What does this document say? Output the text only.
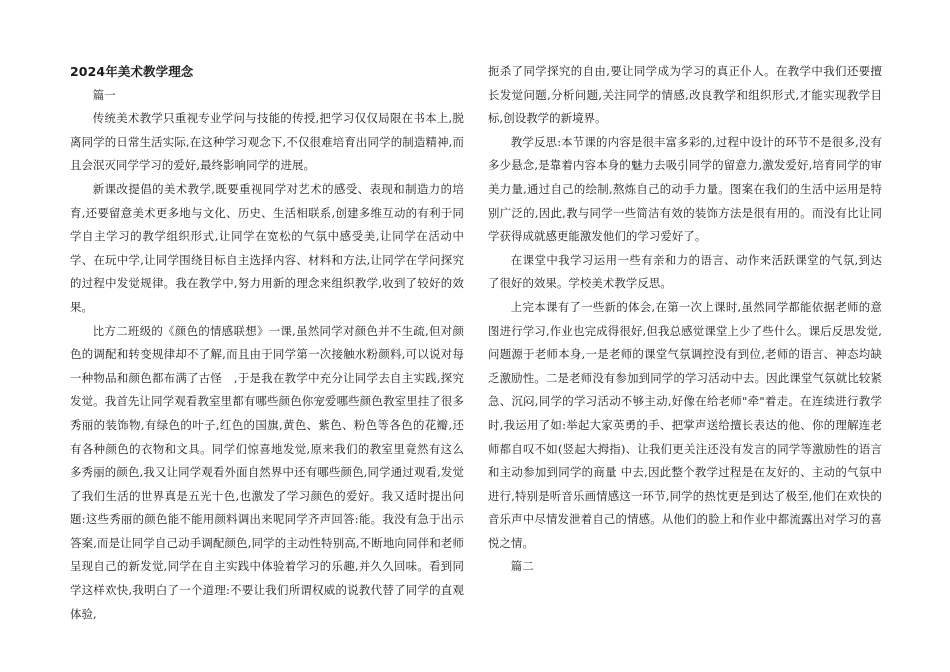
2024年美术教学理念

篇一

传统美术教学只重视专业学问与技能的传授,把学习仅仅局限在书本上,脱离同学的日常生活实际,在这种学习观念下,不仅很难培育出同学的制造精神,而且会泯灭同学学习的爱好,最终影响同学的进展。

新课改提倡的美术教学,既要重视同学对艺术的感受、表现和制造力的培育,还要留意美术更多地与文化、历史、生活相联系,创建多维互动的有利于同学自主学习的教学组织形式,让同学在宽松的气氛中感受美,让同学在活动中学、在玩中学,让同学围绕目标自主选择内容、材料和方法,让同学在学问探究的过程中发觉规律。我在教学中,努力用新的理念来组织教学,收到了较好的效果。

比方二班级的《颜色的情感联想》一课,虽然同学对颜色并不生疏,但对颜色的调配和转变规律却不了解,而且由于同学第一次接触水粉颜料,可以说对每一种物品和颜色都布满了古怪　,于是我在教学中充分让同学去自主实践,探究发觉。我首先让同学观看教室里都有哪些颜色你宠爱哪些颜色教室里挂了很多秀丽的装饰物,有绿色的叶子,红色的国旗,黄色、紫色、粉色等各色的花瓣,还有各种颜色的衣物和文具。同学们惊喜地发觉,原来我们的教室里竟然有这么多秀丽的颜色,我又让同学观看外面自然界中还有哪些颜色,同学通过观看,发觉了我们生活的世界真是五光十色,也激发了学习颜色的爱好。我又适时提出问题:这些秀丽的颜色能不能用颜料调出来呢同学齐声回答:能。我没有急于出示答案,而是让同学自己动手调配颜色,同学的主动性特别高,不断地向同伴和老师呈现自己的新发觉,同学在自主实践中体验着学习的乐趣,并久久回味。看到同学这样欢快,我明白了一个道理:不要让我们所谓权威的说教代替了同学的直观体验,

扼杀了同学探究的自由,要让同学成为学习的真正仆人。在教学中我们还要擅长发觉问题,分析问题,关注同学的情感,改良教学和组织形式,才能实现教学目标,创设教学的新境界。

教学反思:本节课的内容是很丰富多彩的,过程中设计的环节不是很多,没有多少悬念,是靠着内容本身的魅力去吸引同学的留意力,激发爱好,培育同学的审美力量,通过自己的绘制,熬炼自己的动手力量。图案在我们的生活中运用是特别广泛的,因此,教与同学一些简洁有效的装饰方法是很有用的。而没有比让同学获得成就感更能激发他们的学习爱好了。

在课堂中我学习运用一些有亲和力的语言、动作来活跃课堂的气氛,到达了很好的效果。学校美术教学反思。

上完本课有了一些新的体会,在第一次上课时,虽然同学都能依据老师的意图进行学习,作业也完成得很好,但我总感觉课堂上少了些什么。课后反思发觉,问题源于老师本身,一是老师的课堂气氛调控没有到位,老师的语言、神态均缺乏激励性。二是老师没有参加到同学的学习活动中去。因此课堂气氛就比较紧急、沉闷,同学的学习活动不够主动,好像在给老师"牵"着走。在连续进行教学时,我运用了如:举起大家英勇的手、把掌声送给擅长表达的他、你的理解连老师都自叹不如(竖起大拇指)、让我们更关注还没有发言的同学等激励性的语言和主动参加到同学的商量 中去,因此整个教学过程是在友好的、主动的气氛中进行,特别是听音乐画情感这一环节,同学的热忱更是到达了极至,他们在欢快的音乐声中尽情发泄着自己的情感。从他们的脸上和作业中都流露出对学习的喜悦之情。

篇二
